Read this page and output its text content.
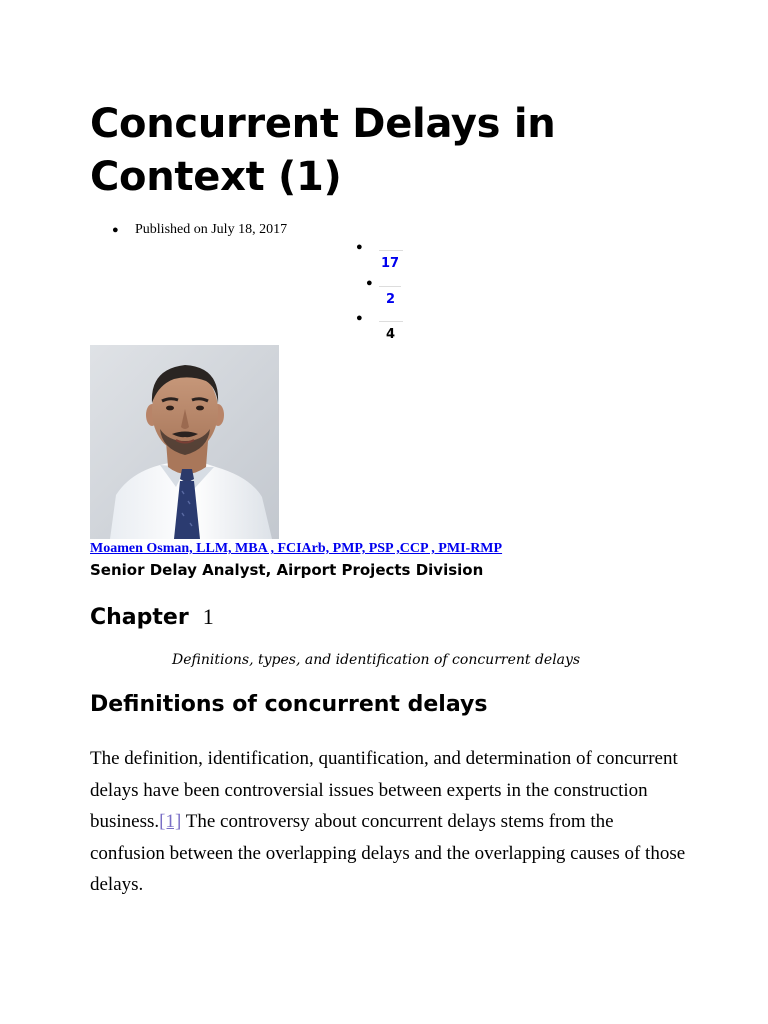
Concurrent Delays in
Context (1)
● Published on July 18, 2017
●
17
●
2
●
4
Moamen Osman, LLM, MBA , FCIArb, PMP, PSP ,CCP , PMI-RMP
Senior Delay Analyst, Airport Projects Division
Chapter 1
Definitions, types, and identification of concurrent delays
Definitions of concurrent delays

The definition, identification, quantification, and determination of concurrent delays have been controversial issues between experts in the construction business.[1] The controversy about concurrent delays stems from the confusion between the overlapping delays and the overlapping causes of those delays.
